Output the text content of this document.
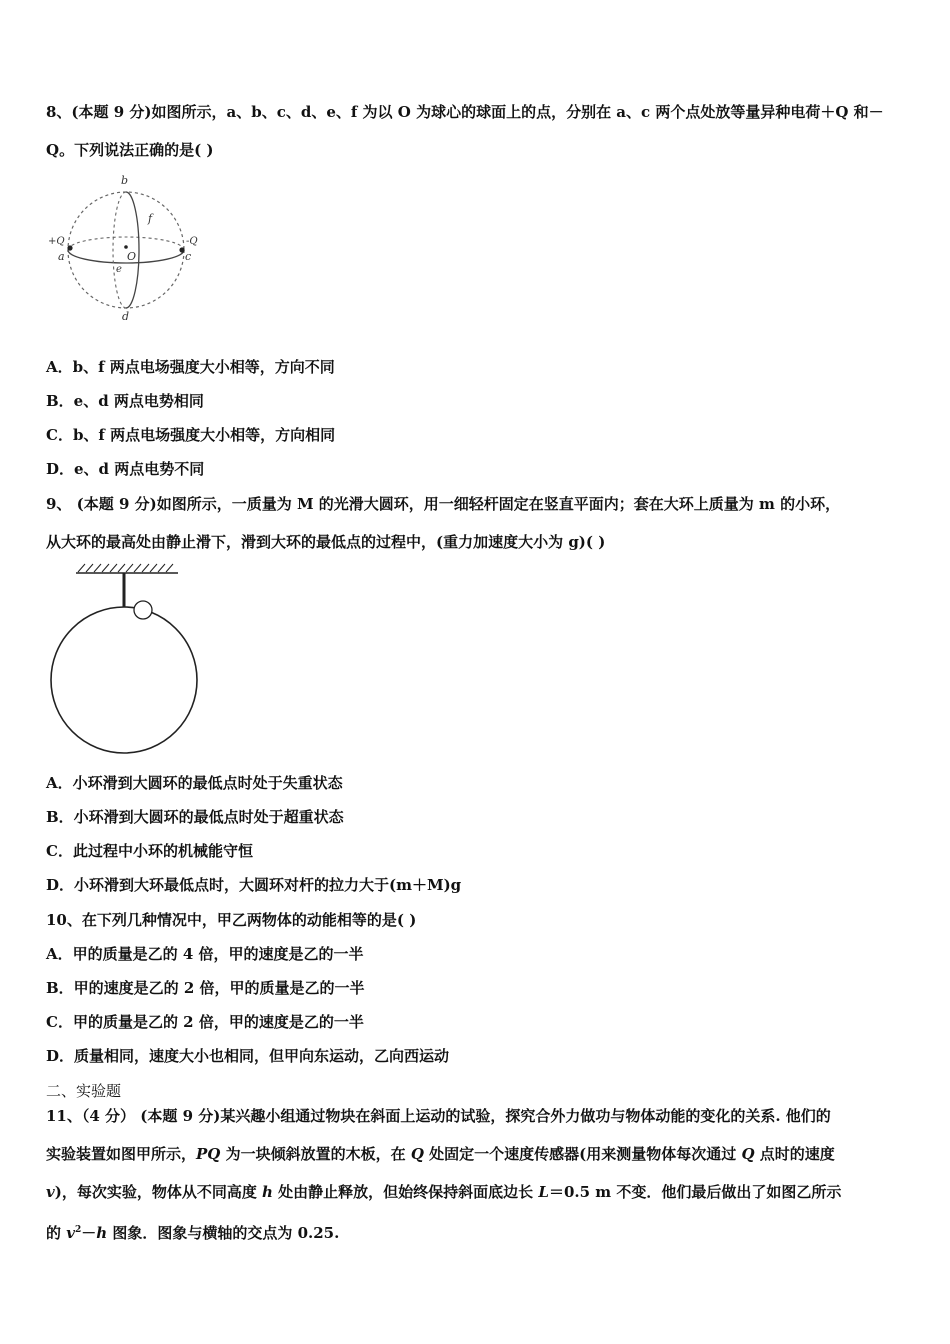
8、(本题 9 分)如图所示，a、b、c、d、e、f 为以 O 为球心的球面上的点，分别在 a、c 两个点处放等量异种电荷＋Q 和－
Q。下列说法正确的是( )
b
d
f
e
O
+Q
a
-Q
c
A．b、f 两点电场强度大小相等，方向不同
B．e、d 两点电势相同
C．b、f 两点电场强度大小相等，方向相同
D．e、d 两点电势不同
9、 (本题 9 分)如图所示，一质量为 M 的光滑大圆环，用一细轻杆固定在竖直平面内；套在大环上质量为 m 的小环，
从大环的最高处由静止滑下，滑到大环的最低点的过程中，(重力加速度大小为 g)( )
A．小环滑到大圆环的最低点时处于失重状态
B．小环滑到大圆环的最低点时处于超重状态
C．此过程中小环的机械能守恒
D．小环滑到大环最低点时，大圆环对杆的拉力大于(m＋M)g
10、在下列几种情况中，甲乙两物体的动能相等的是( )
A．甲的质量是乙的 4 倍，甲的速度是乙的一半
B．甲的速度是乙的 2 倍，甲的质量是乙的一半
C．甲的质量是乙的 2 倍，甲的速度是乙的一半
D．质量相同，速度大小也相同，但甲向东运动，乙向西运动
二、实验题
11、（4 分） (本题 9 分)某兴趣小组通过物块在斜面上运动的试验，探究合外力做功与物体动能的变化的关系. 他们的
实验装置如图甲所示，PQ 为一块倾斜放置的木板，在 Q 处固定一个速度传感器(用来测量物体每次通过 Q 点时的速度
v)，每次实验，物体从不同高度 h 处由静止释放，但始终保持斜面底边长 L＝0.5 m 不变．他们最后做出了如图乙所示
的 $v^2-h$ 图象．图象与横轴的交点为 0.25.
